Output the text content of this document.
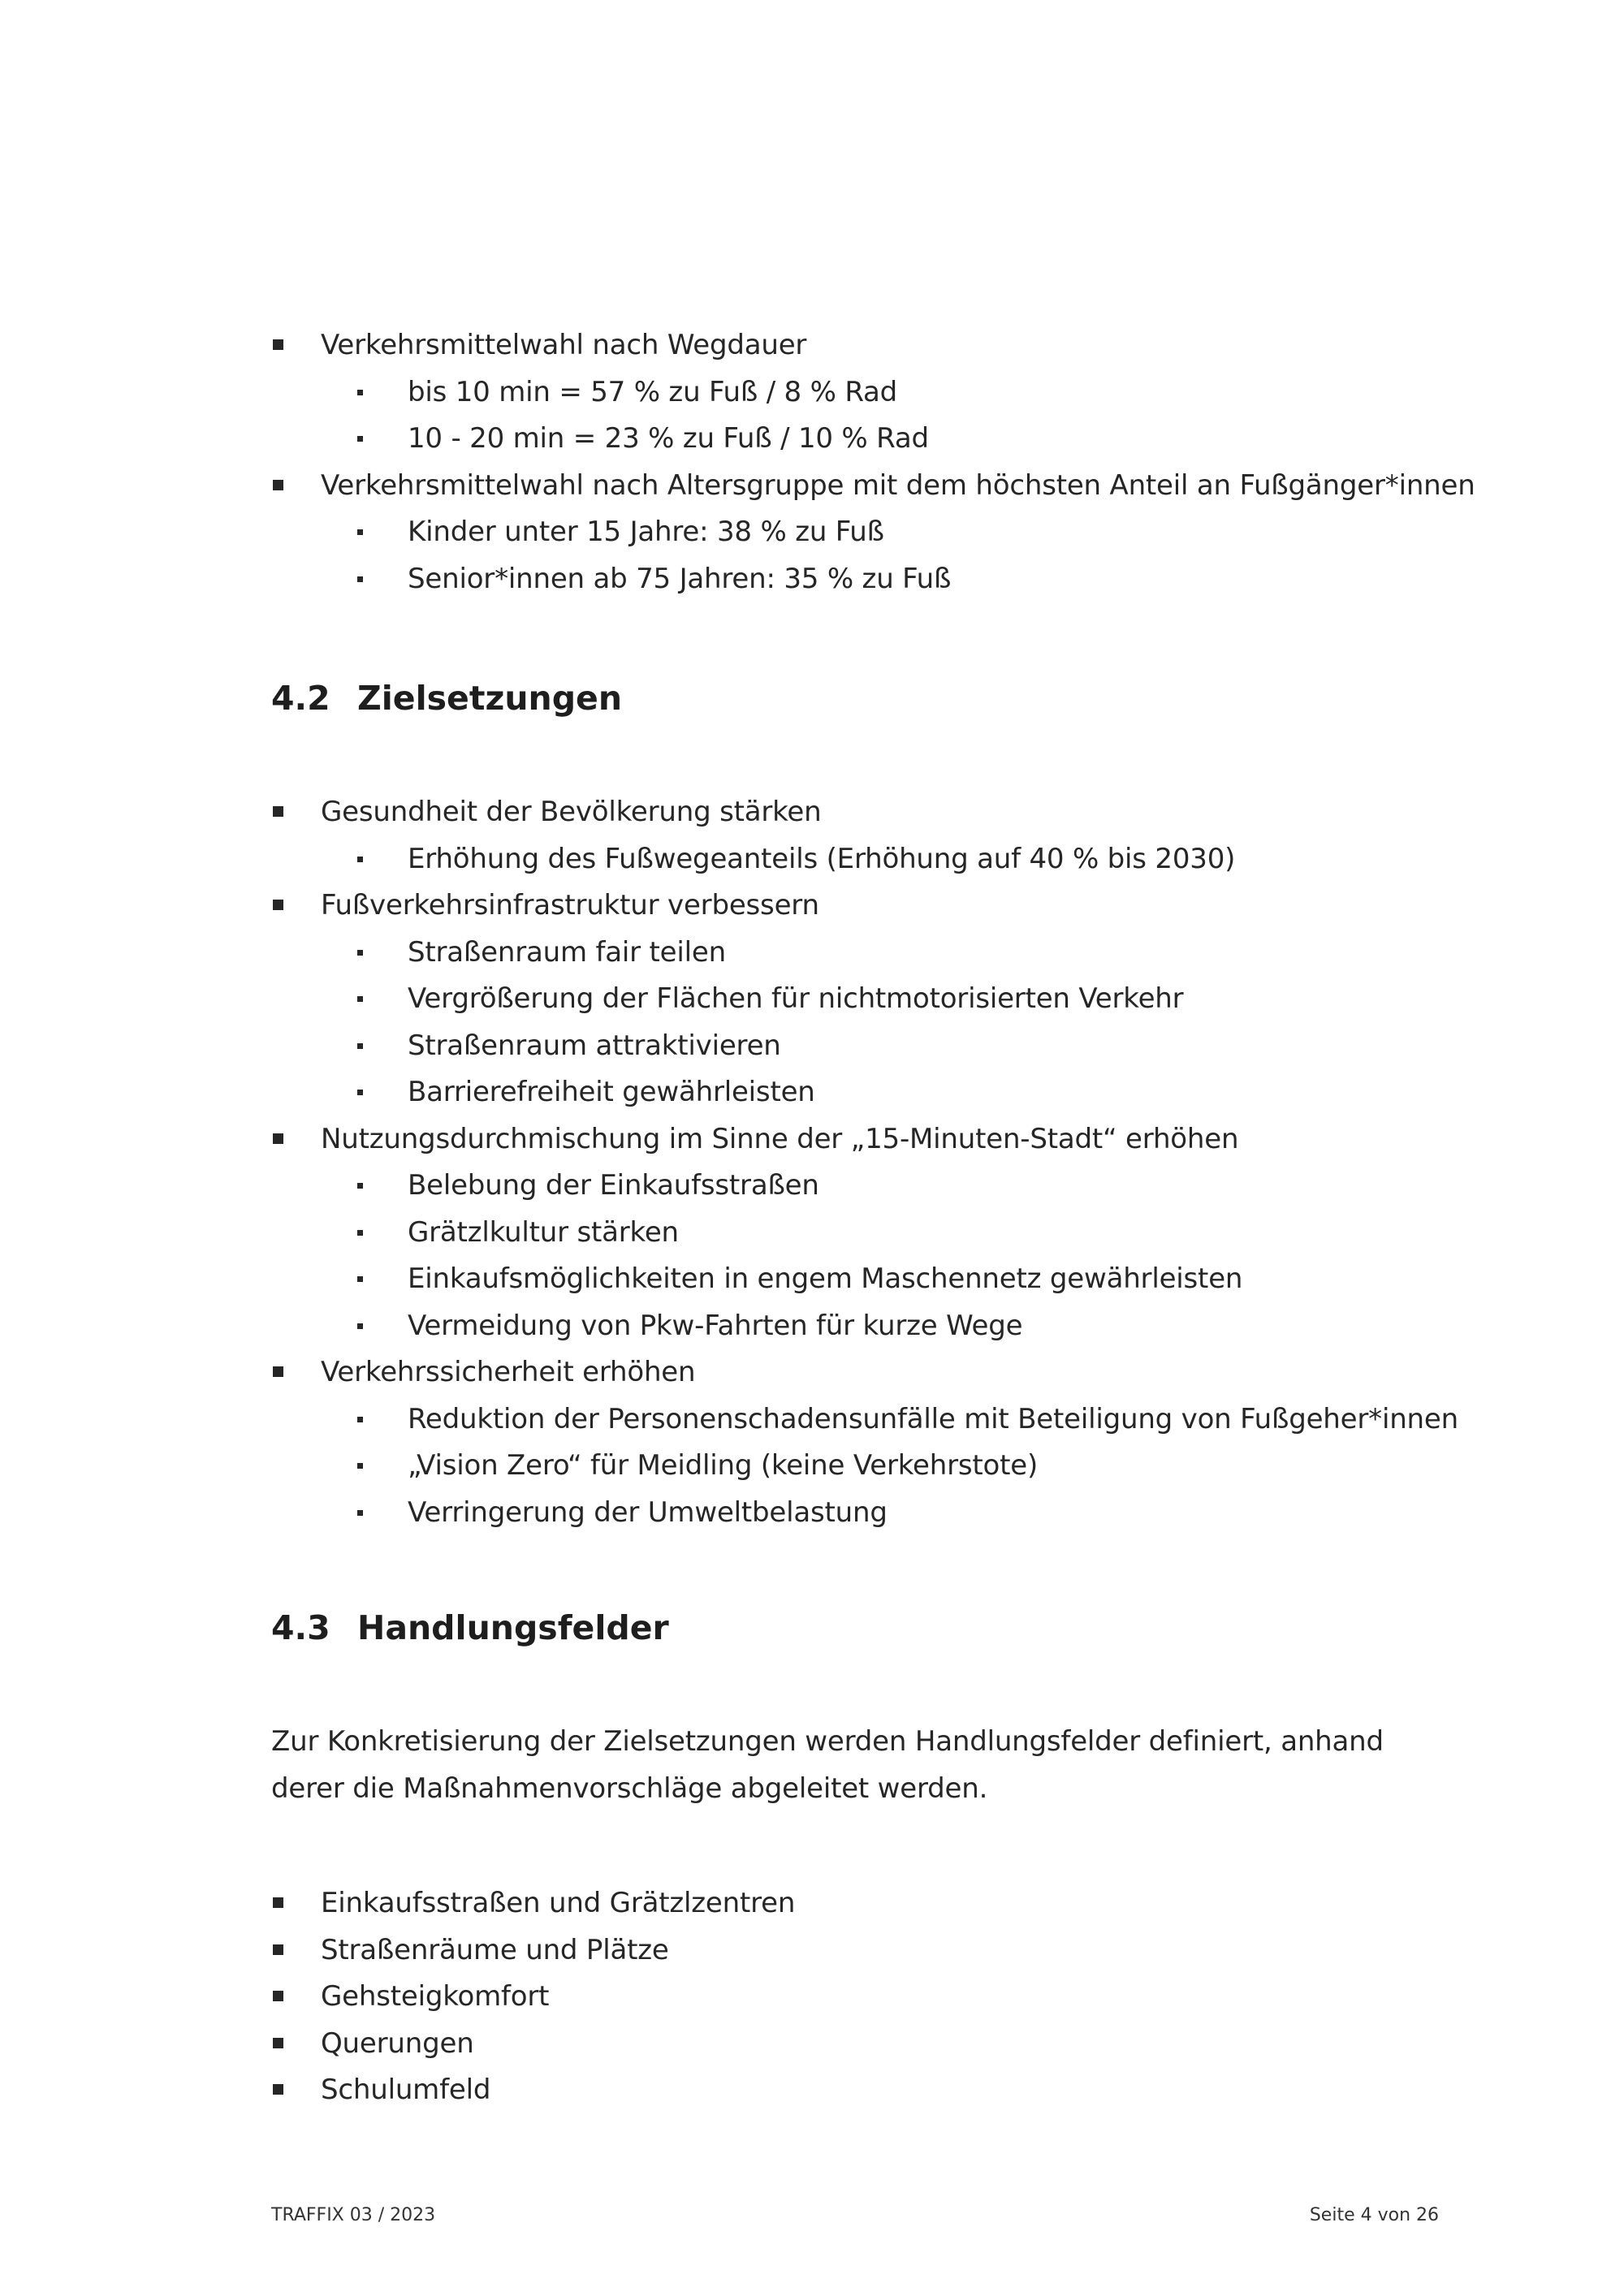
Verkehrsmittelwahl nach Wegdauer
bis 10 min = 57 % zu Fuß / 8 % Rad
10 - 20 min = 23 % zu Fuß / 10 % Rad
Verkehrsmittelwahl nach Altersgruppe mit dem höchsten Anteil an Fußgänger*innen
Kinder unter 15 Jahre: 38 % zu Fuß
Senior*innen ab 75 Jahren: 35 % zu Fuß
4.2 Zielsetzungen
Gesundheit der Bevölkerung stärken
Erhöhung des Fußwegeanteils (Erhöhung auf 40 % bis 2030)
Fußverkehrsinfrastruktur verbessern
Straßenraum fair teilen
Vergrößerung der Flächen für nichtmotorisierten Verkehr
Straßenraum attraktivieren
Barrierefreiheit gewährleisten
Nutzungsdurchmischung im Sinne der „15-Minuten-Stadt“ erhöhen
Belebung der Einkaufsstraßen
Grätzlkultur stärken
Einkaufsmöglichkeiten in engem Maschennetz gewährleisten
Vermeidung von Pkw-Fahrten für kurze Wege
Verkehrssicherheit erhöhen
Reduktion der Personenschadensunfälle mit Beteiligung von Fußgeher*innen
„Vision Zero“ für Meidling (keine Verkehrstote)
Verringerung der Umweltbelastung
4.3 Handlungsfelder

Zur Konkretisierung der Zielsetzungen werden Handlungsfelder definiert, anhand derer die Maßnahmenvorschläge abgeleitet werden.

Einkaufsstraßen und Grätzlzentren
Straßenräume und Plätze
Gehsteigkomfort
Querungen
Schulumfeld
TRAFFIX 03 / 2023	Seite 4 von 26
